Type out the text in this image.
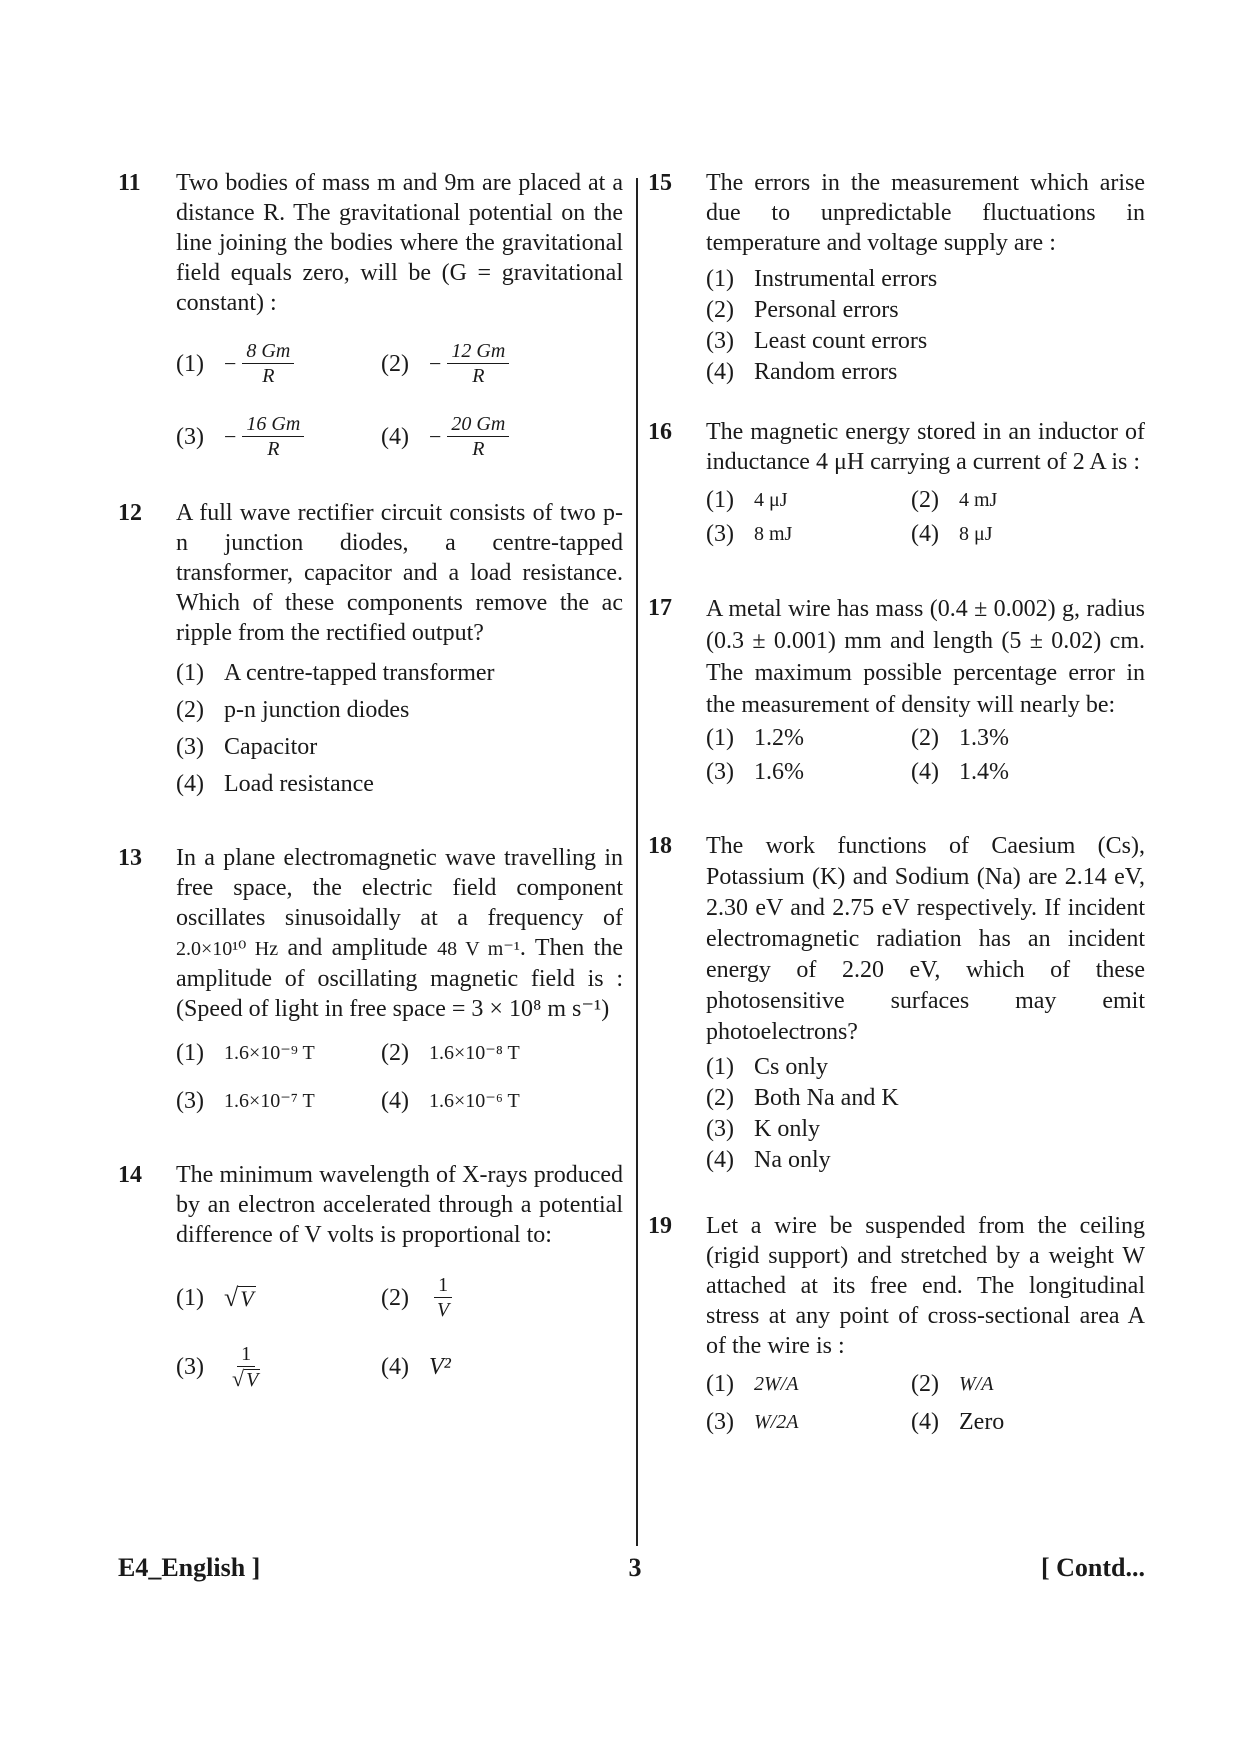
11	Two bodies of mass m and 9m are placed at a distance R. The gravitational potential on the line joining the bodies where the gravitational field equals zero, will be (G = gravitational constant) :
$(1) - \frac{8 Gm}{R}$	$(2) - \frac{12 Gm}{R}$
$(3) - \frac{16 Gm}{R}$	$(4) - \frac{20 Gm}{R}$
12	A full wave rectifier circuit consists of two p-n junction diodes, a centre-tapped transformer, capacitor and a load resistance. Which of these components remove the ac ripple from the rectified output?
(1) A centre-tapped transformer
(2) p-n junction diodes
(3) Capacitor
(4) Load resistance
13	In a plane electromagnetic wave travelling in free space, the electric field component oscillates sinusoidally at a frequency of 2.0×10¹⁰ Hz and amplitude 48 V m⁻¹. Then the amplitude of oscillating magnetic field is : (Speed of light in free space = 3 × 10⁸ m s⁻¹)
(1)	1.6×10⁻⁹ T	(2)	1.6×10⁻⁸ T
(3)	1.6×10⁻⁷ T	(4)	1.6×10⁻⁶ T
14	The minimum wavelength of X-rays produced by an electron accelerated through a potential difference of V volts is proportional to:
(1) √ V	(2)	$\frac{1}{V}$
(3)	$\frac{1}{√ V}$	(4) V²
15	The errors in the measurement which arise due to unpredictable fluctuations in temperature and voltage supply are :
(1) Instrumental errors
(2) Personal errors
(3) Least count errors
(4) Random errors
16	The magnetic energy stored in an inductor of inductance 4 μH carrying a current of 2 A is :
(1)	4 μJ	(2)	4 mJ
(3)	8 mJ	(4)	8 μJ
17	A metal wire has mass (0.4 ± 0.002) g, radius (0.3 ± 0.001) mm and length (5 ± 0.02) cm. The maximum possible percentage error in the measurement of density will nearly be:
(1) 1.2%	(2) 1.3%
(3) 1.6%	(4) 1.4%
18	The work functions of Caesium (Cs), Potassium (K) and Sodium (Na) are 2.14 eV, 2.30 eV and 2.75 eV respectively. If incident electromagnetic radiation has an incident energy of 2.20 eV, which of these photosensitive surfaces may emit photoelectrons?
(1) Cs only
(2) Both Na and K
(3) K only
(4) Na only
19	Let a wire be suspended from the ceiling (rigid support) and stretched by a weight W attached at its free end. The longitudinal stress at any point of cross-sectional area A of the wire is :
(1)	2W/A	(2)	W/A
(3)	W/2A	(4) Zero
E4_English ]	3	[ Contd...
